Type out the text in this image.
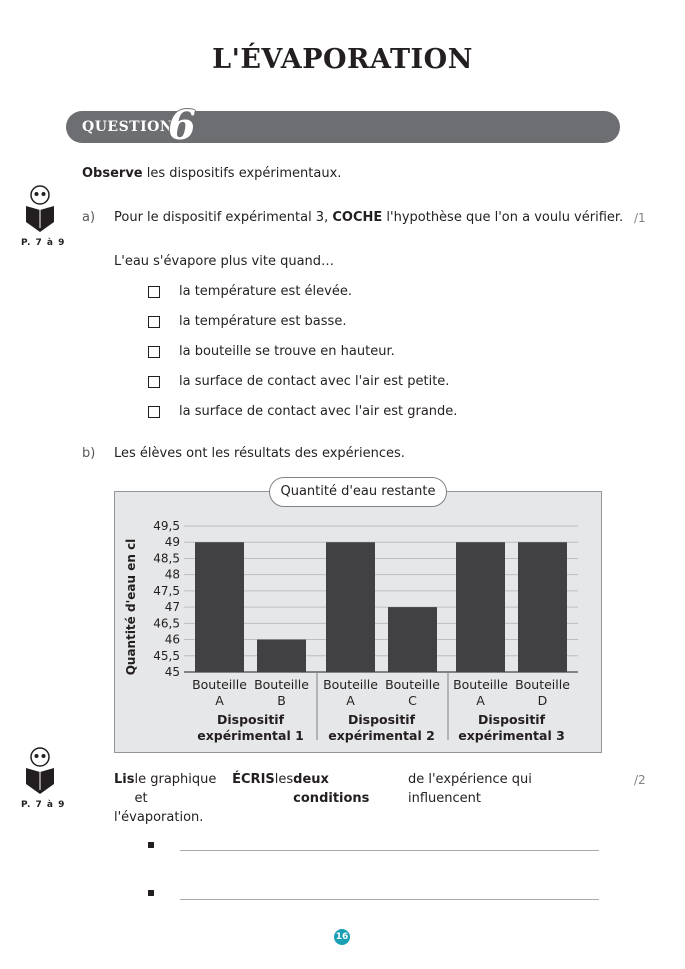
L'ÉVAPORATION
QUESTION
6
Observe les dispositifs expérimentaux.
P. 7 à 9
a) Pour le dispositif expérimental 3, COCHE l'hypothèse que l'on a voulu vérifier. /1
L'eau s'évapore plus vite quand…
la température est élevée.
la température est basse.
la bouteille se trouve en hauteur.
la surface de contact avec l'air est petite.
la surface de contact avec l'air est grande.
b) Les élèves ont les résultats des expériences.
45
45,5
46
46,5
47
47,5
48
48,5
49
49,5
Quantité d'eau en cl
Bouteille
A
Bouteille
B
Dispositif
expérimental 1
Bouteille
A
Bouteille
C
Dispositif
expérimental 2
Bouteille
A
Bouteille
D
Dispositif
expérimental 3
Quantité d'eau restante
P. 7 à 9
Lis le graphique et
ÉCRIS les deux conditions
de l'expérience qui influencent
l'évaporation.
/2
16
